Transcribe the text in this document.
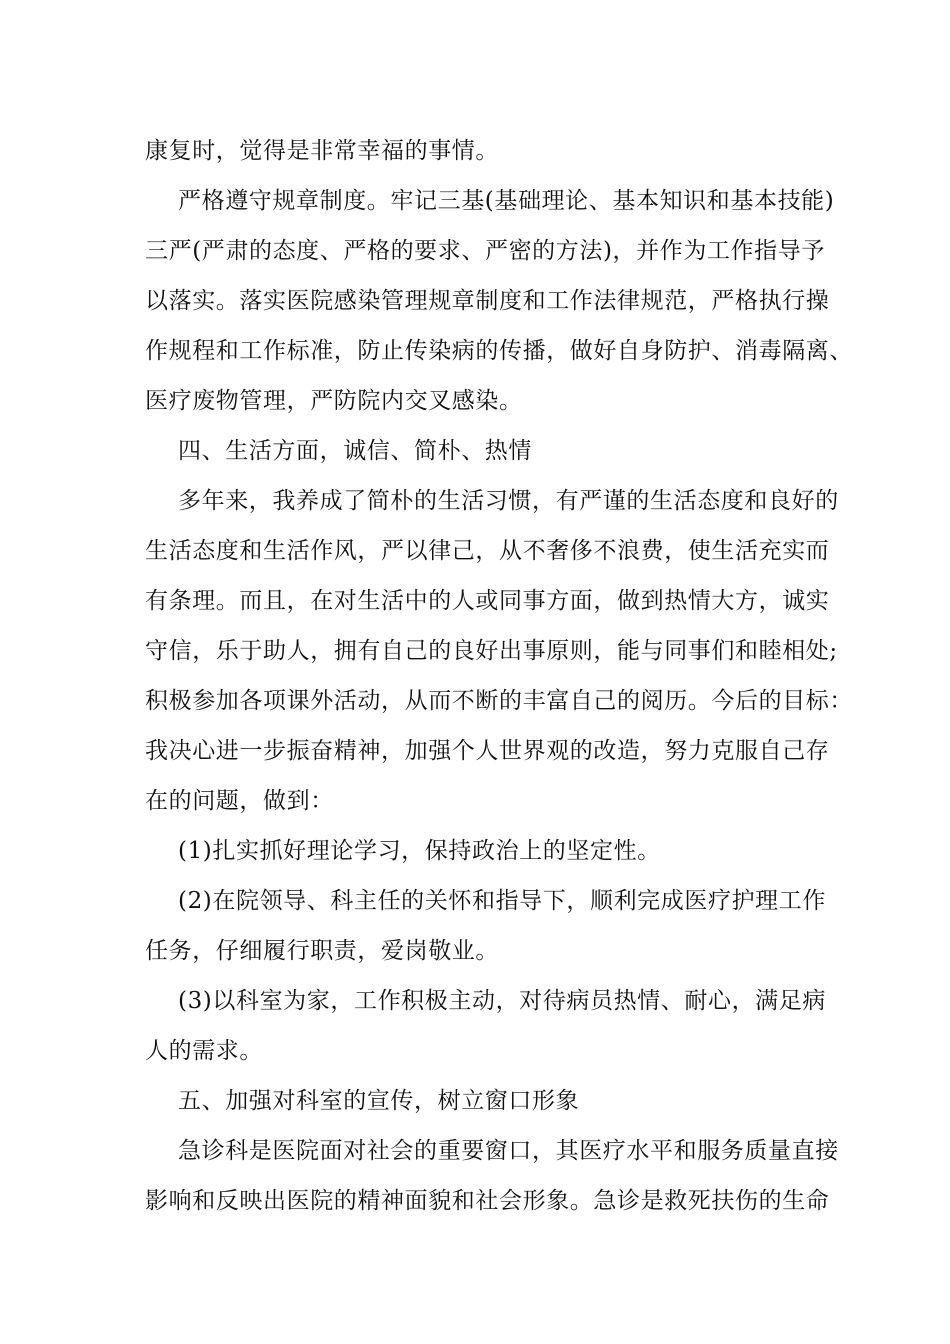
康复时，觉得是非常幸福的事情。

严格遵守规章制度。牢记三基(基础理论、基本知识和基本技能)

三严(严肃的态度、严格的要求、严密的方法)，并作为工作指导予

以落实。落实医院感染管理规章制度和工作法律规范，严格执行操

作规程和工作标准，防止传染病的传播，做好自身防护、消毒隔离、

医疗废物管理，严防院内交叉感染。

四、生活方面，诚信、简朴、热情

多年来，我养成了简朴的生活习惯，有严谨的生活态度和良好的

生活态度和生活作风，严以律己，从不奢侈不浪费，使生活充实而

有条理。而且，在对生活中的人或同事方面，做到热情大方，诚实

守信，乐于助人，拥有自己的良好出事原则，能与同事们和睦相处;

积极参加各项课外活动，从而不断的丰富自己的阅历。今后的目标：

我决心进一步振奋精神，加强个人世界观的改造，努力克服自己存

在的问题，做到：

(1)扎实抓好理论学习，保持政治上的坚定性。

(2)在院领导、科主任的关怀和指导下，顺利完成医疗护理工作

任务，仔细履行职责，爱岗敬业。

(3)以科室为家，工作积极主动，对待病员热情、耐心，满足病

人的需求。

五、加强对科室的宣传，树立窗口形象

急诊科是医院面对社会的重要窗口，其医疗水平和服务质量直接

影响和反映出医院的精神面貌和社会形象。急诊是救死扶伤的生命
